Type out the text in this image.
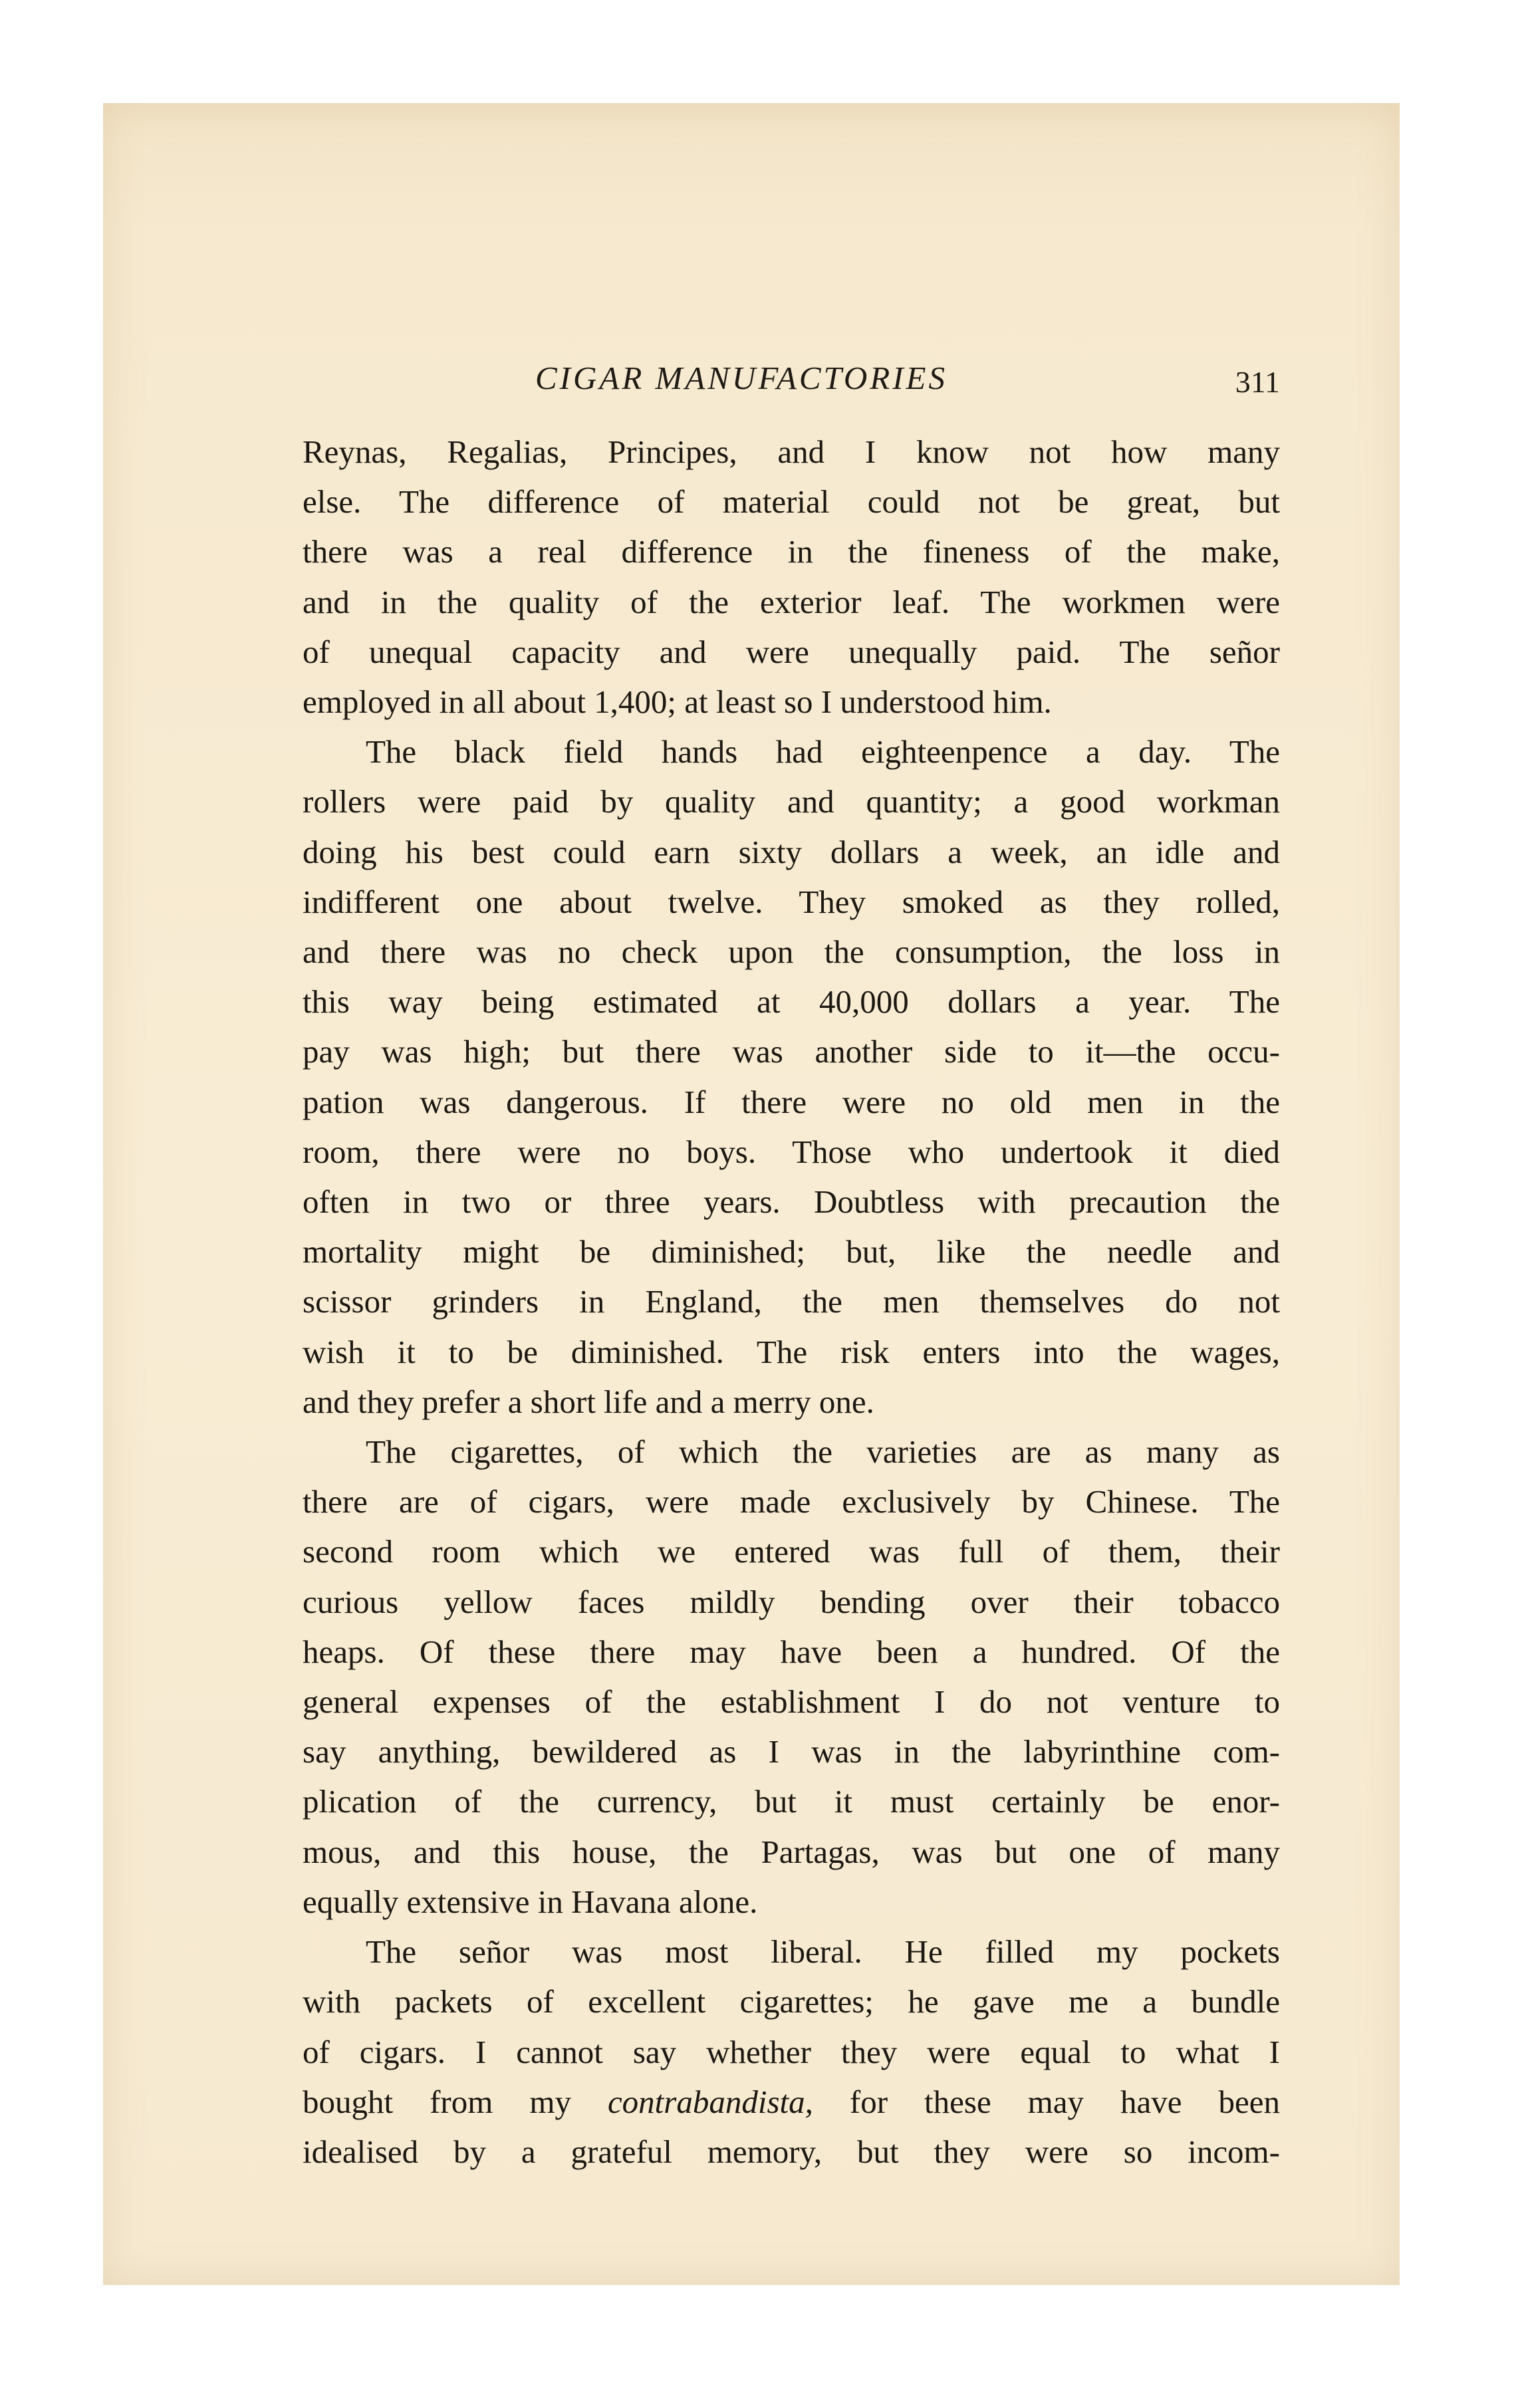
CIGAR MANUFACTORIES	311
Reynas, Regalias, Principes, and I know not how many
else. The difference of material could not be great, but
there was a real difference in the fineness of the make,
and in the quality of the exterior leaf. The workmen were
of unequal capacity and were unequally paid. The señor
employed in all about 1,400; at least so I understood him.
The black field hands had eighteenpence a day. The
rollers were paid by quality and quantity; a good workman
doing his best could earn sixty dollars a week, an idle and
indifferent one about twelve. They smoked as they rolled,
and there was no check upon the consumption, the loss in
this way being estimated at 40,000 dollars a year. The
pay was high; but there was another side to it—the occu-
pation was dangerous. If there were no old men in the
room, there were no boys. Those who undertook it died
often in two or three years. Doubtless with precaution the
mortality might be diminished; but, like the needle and
scissor grinders in England, the men themselves do not
wish it to be diminished. The risk enters into the wages,
and they prefer a short life and a merry one.
The cigarettes, of which the varieties are as many as
there are of cigars, were made exclusively by Chinese. The
second room which we entered was full of them, their
curious yellow faces mildly bending over their tobacco
heaps. Of these there may have been a hundred. Of the
general expenses of the establishment I do not venture to
say anything, bewildered as I was in the labyrinthine com-
plication of the currency, but it must certainly be enor-
mous, and this house, the Partagas, was but one of many
equally extensive in Havana alone.
The señor was most liberal. He filled my pockets
with packets of excellent cigarettes; he gave me a bundle
of cigars. I cannot say whether they were equal to what I
bought from my contrabandista, for these may have been
idealised by a grateful memory, but they were so incom-
